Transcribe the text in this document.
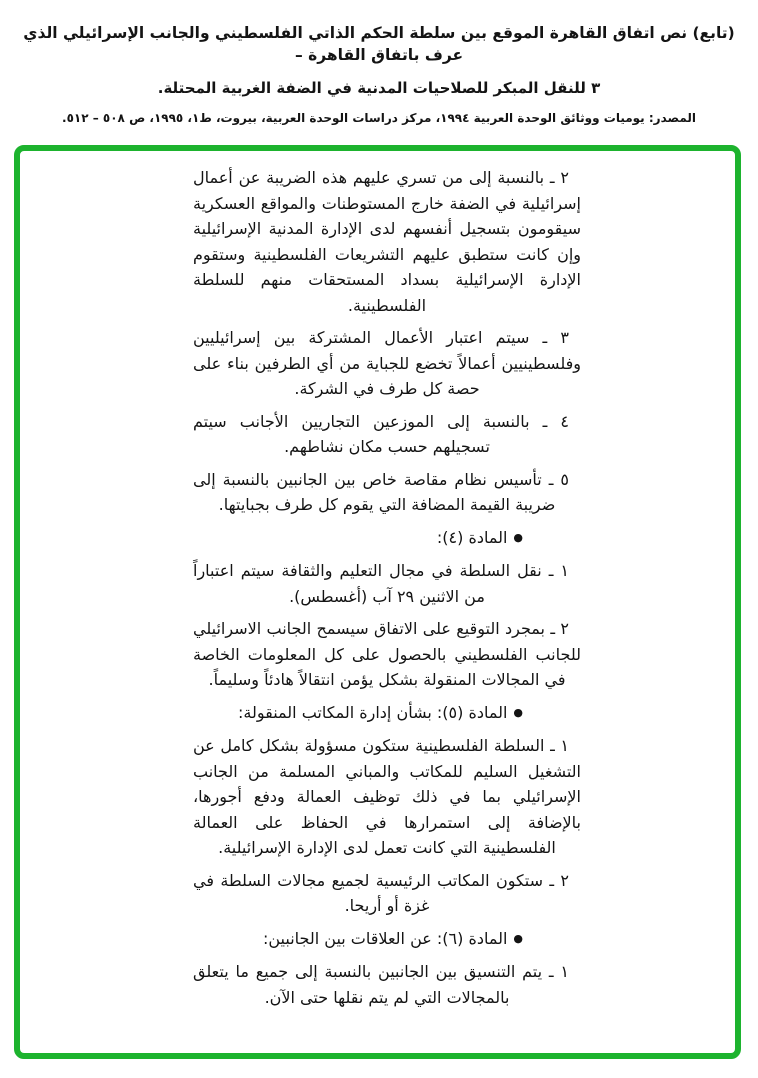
(تابع) نص اتفاق القاهرة الموقع بين سلطة الحكم الذاتي الفلسطيني والجانب الإسرائيلي الذي عرف باتفاق القاهرة –
٣ للنقل المبكر للصلاحيات المدنية في الضفة الغربية المحتلة.
المصدر: يوميات ووثائق الوحدة العربية ١٩٩٤، مركز دراسات الوحدة العربية، بيروت، ط١، ١٩٩٥، ص ٥٠٨ – ٥١٢.

٢ ـ بالنسبة إلى من تسري عليهم هذه الضريبة عن أعمال إسرائيلية في الضفة خارج المستوطنات والمواقع العسكرية سيقومون بتسجيل أنفسهم لدى الإدارة المدنية الإسرائيلية وإن كانت ستطبق عليهم التشريعات الفلسطينية وستقوم الإدارة الإسرائيلية بسداد المستحقات منهم للسلطة الفلسطينية.

٣ ـ سيتم اعتبار الأعمال المشتركة بين إسرائيليين وفلسطينيين أعمالاً تخضع للجباية من أي الطرفين بناء على حصة كل طرف في الشركة.

٤ ـ بالنسبة إلى الموزعين التجاريين الأجانب سيتم تسجيلهم حسب مكان نشاطهم.

٥ ـ تأسيس نظام مقاصة خاص بين الجانبين بالنسبة إلى ضريبة القيمة المضافة التي يقوم كل طرف بجبايتها.

●المادة (٤):

١ ـ نقل السلطة في مجال التعليم والثقافة سيتم اعتباراً من الاثنين ٢٩ آب (أغسطس).

٢ ـ بمجرد التوقيع على الاتفاق سيسمح الجانب الاسرائيلي للجانب الفلسطيني بالحصول على كل المعلومات الخاصة في المجالات المنقولة بشكل يؤمن انتقالاً هادئاً وسليماً.

●المادة (٥): بشأن إدارة المكاتب المنقولة:

١ ـ السلطة الفلسطينية ستكون مسؤولة بشكل كامل عن التشغيل السليم للمكاتب والمباني المسلمة من الجانب الإسرائيلي بما في ذلك توظيف العمالة ودفع أجورها، بالإضافة إلى استمرارها في الحفاظ على العمالة الفلسطينية التي كانت تعمل لدى الإدارة الإسرائيلية.

٢ ـ ستكون المكاتب الرئيسية لجميع مجالات السلطة في غزة أو أريحا.

●المادة (٦): عن العلاقات بين الجانبين:

١ ـ يتم التنسيق بين الجانبين بالنسبة إلى جميع ما يتعلق بالمجالات التي لم يتم نقلها حتى الآن.
